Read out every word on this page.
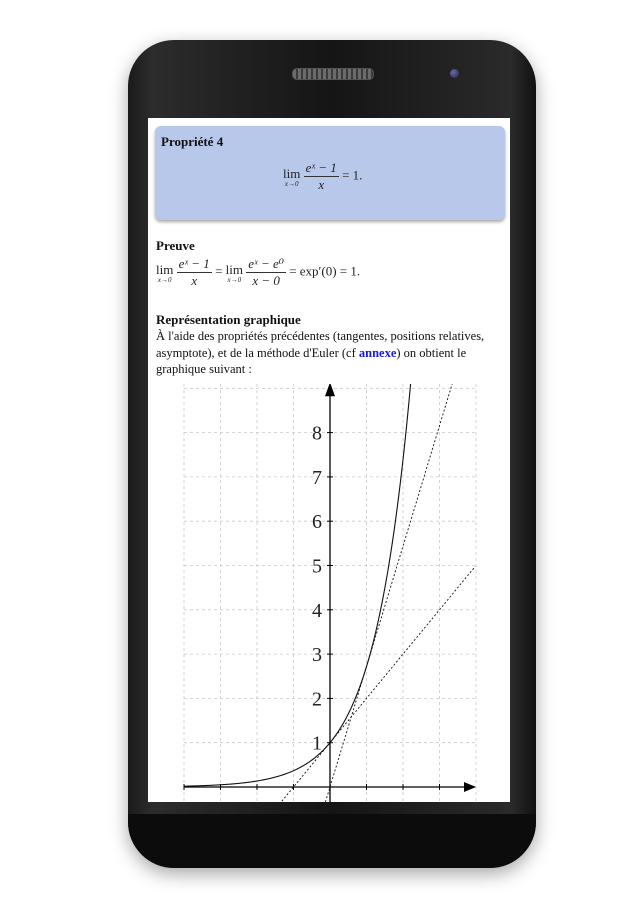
Propriété 4
lim
x→0
$\frac{\text{eˣ − 1}}{x} = 1$.
Preuve
lim
x→0
$\frac{\text{eˣ − 1}}{x} = \lim$
x→0
$\frac{\text{eˣ − e⁰}}{x - 0} = \exp'(0) = 1$.
Représentation graphique
À l'aide des propriétés précédentes (tangentes, positions relatives, asymptote), et de la méthode d'Euler (cf annexe) on obtient le graphique suivant :
1
2
3
4
5
6
7
8
